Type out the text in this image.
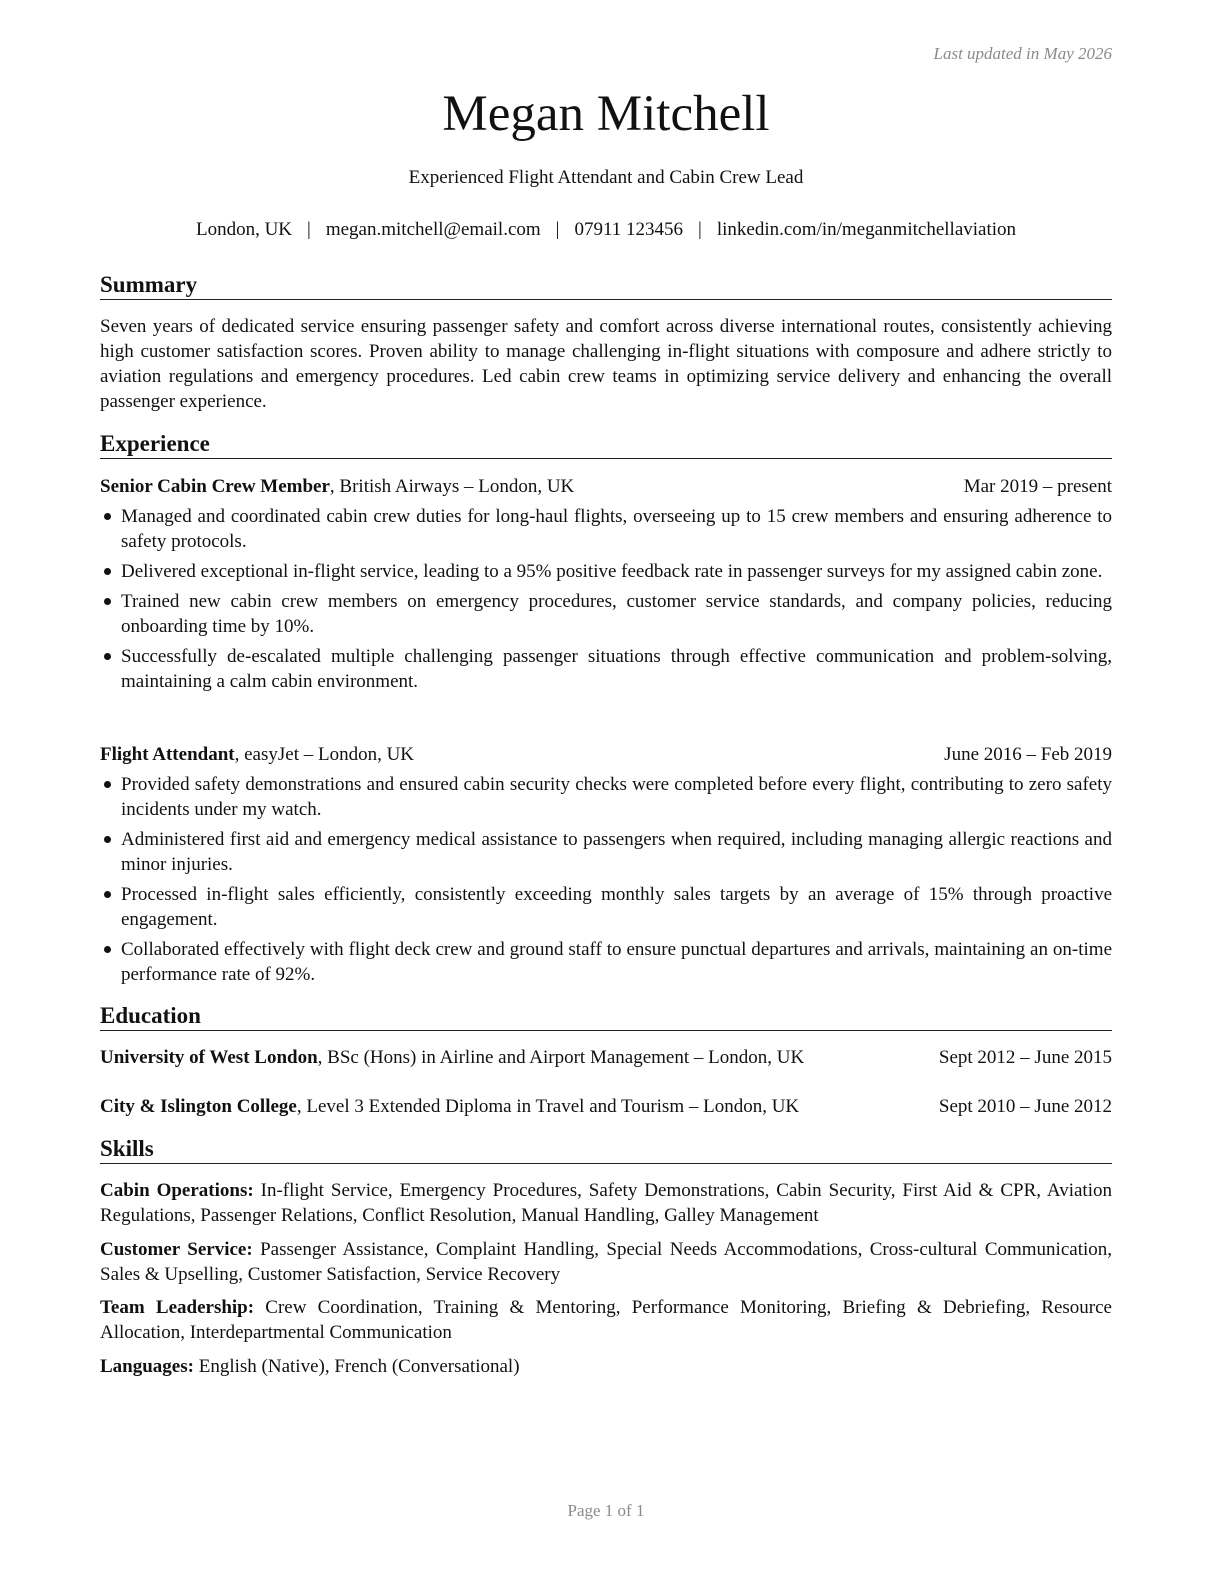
Last updated in May 2026
Megan Mitchell
Experienced Flight Attendant and Cabin Crew Lead
London, UK | megan.mitchell@email.com | 07911 123456 | linkedin.com/in/meganmitchellaviation
Summary
Seven years of dedicated service ensuring passenger safety and comfort across diverse international routes, consistently achieving high customer satisfaction scores. Proven ability to manage challenging in-flight situations with composure and adhere strictly to aviation regulations and emergency procedures. Led cabin crew teams in optimizing service delivery and enhancing the overall passenger experience.
Experience
Senior Cabin Crew Member, British Airways – London, UK	Mar 2019 – present
Managed and coordinated cabin crew duties for long-haul flights, overseeing up to 15 crew members and ensuring adherence to safety protocols.
Delivered exceptional in-flight service, leading to a 95% positive feedback rate in passenger surveys for my assigned cabin zone.
Trained new cabin crew members on emergency procedures, customer service standards, and company policies, reducing onboarding time by 10%.
Successfully de-escalated multiple challenging passenger situations through effective communication and problem-solving, maintaining a calm cabin environment.
Flight Attendant, easyJet – London, UK	June 2016 – Feb 2019
Provided safety demonstrations and ensured cabin security checks were completed before every flight, contributing to zero safety incidents under my watch.
Administered first aid and emergency medical assistance to passengers when required, including managing allergic reactions and minor injuries.
Processed in-flight sales efficiently, consistently exceeding monthly sales targets by an average of 15% through proactive engagement.
Collaborated effectively with flight deck crew and ground staff to ensure punctual departures and arrivals, maintaining an on-time performance rate of 92%.
Education
University of West London, BSc (Hons) in Airline and Airport Management – London, UK	Sept 2012 – June 2015
City & Islington College, Level 3 Extended Diploma in Travel and Tourism – London, UK	Sept 2010 – June 2012
Skills
Cabin Operations: In-flight Service, Emergency Procedures, Safety Demonstrations, Cabin Security, First Aid & CPR, Aviation Regulations, Passenger Relations, Conflict Resolution, Manual Handling, Galley Management
Customer Service: Passenger Assistance, Complaint Handling, Special Needs Accommodations, Cross-cultural Communication, Sales & Upselling, Customer Satisfaction, Service Recovery
Team Leadership: Crew Coordination, Training & Mentoring, Performance Monitoring, Briefing & Debriefing, Resource Allocation, Interdepartmental Communication
Languages: English (Native), French (Conversational)
Page 1 of 1
